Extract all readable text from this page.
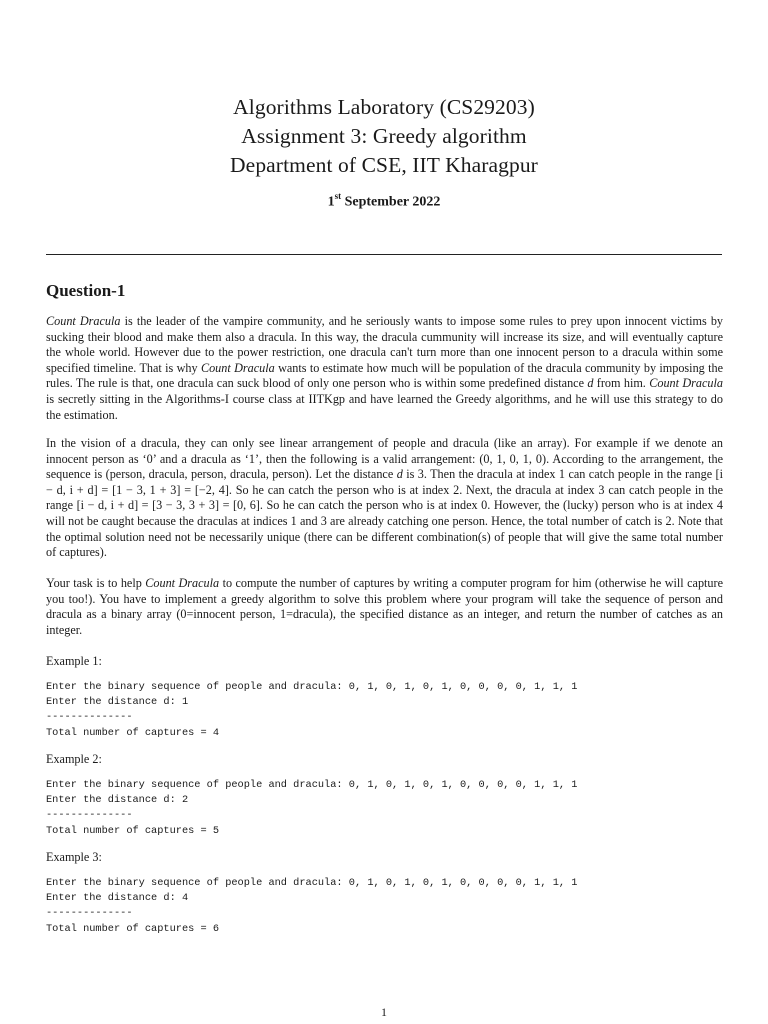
Algorithms Laboratory (CS29203)
Assignment 3: Greedy algorithm
Department of CSE, IIT Kharagpur
1st September 2022
Question-1
Count Dracula is the leader of the vampire community, and he seriously wants to impose some rules to prey upon innocent victims by sucking their blood and make them also a dracula. In this way, the dracula cummunity will increase its size, and will eventually capture the whole world. However due to the power restriction, one dracula can't turn more than one innocent person to a dracula within some specified timeline. That is why Count Dracula wants to estimate how much will be population of the dracula community by imposing the rules. The rule is that, one dracula can suck blood of only one person who is within some predefined distance d from him. Count Dracula is secretly sitting in the Algorithms-I course class at IITKgp and have learned the Greedy algorithms, and he will use this strategy to do the estimation.
In the vision of a dracula, they can only see linear arrangement of people and dracula (like an array). For example if we denote an innocent person as ‘0’ and a dracula as ‘1’, then the following is a valid arrangement: (0, 1, 0, 1, 0). According to the arrangement, the sequence is (person, dracula, person, dracula, person). Let the distance d is 3. Then the dracula at index 1 can catch people in the range [i − d, i + d] = [1 − 3, 1 + 3] = [−2, 4]. So he can catch the person who is at index 2. Next, the dracula at index 3 can catch people in the range [i − d, i + d] = [3 − 3, 3 + 3] = [0, 6]. So he can catch the person who is at index 0. However, the (lucky) person who is at index 4 will not be caught because the draculas at indices 1 and 3 are already catching one person. Hence, the total number of catch is 2. Note that the optimal solution need not be necessarily unique (there can be different combination(s) of people that will give the same total number of captures).
Your task is to help Count Dracula to compute the number of captures by writing a computer program for him (otherwise he will capture you too!). You have to implement a greedy algorithm to solve this problem where your program will take the sequence of person and dracula as a binary array (0=innocent person, 1=dracula), the specified distance as an integer, and return the number of catches as an integer.
Example 1:
Enter the binary sequence of people and dracula: 0, 1, 0, 1, 0, 1, 0, 0, 0, 0, 1, 1, 1
Enter the distance d: 1
--------------
Total number of captures = 4
Example 2:
Enter the binary sequence of people and dracula: 0, 1, 0, 1, 0, 1, 0, 0, 0, 0, 1, 1, 1
Enter the distance d: 2
--------------
Total number of captures = 5
Example 3:
Enter the binary sequence of people and dracula: 0, 1, 0, 1, 0, 1, 0, 0, 0, 0, 1, 1, 1
Enter the distance d: 4
--------------
Total number of captures = 6
1
